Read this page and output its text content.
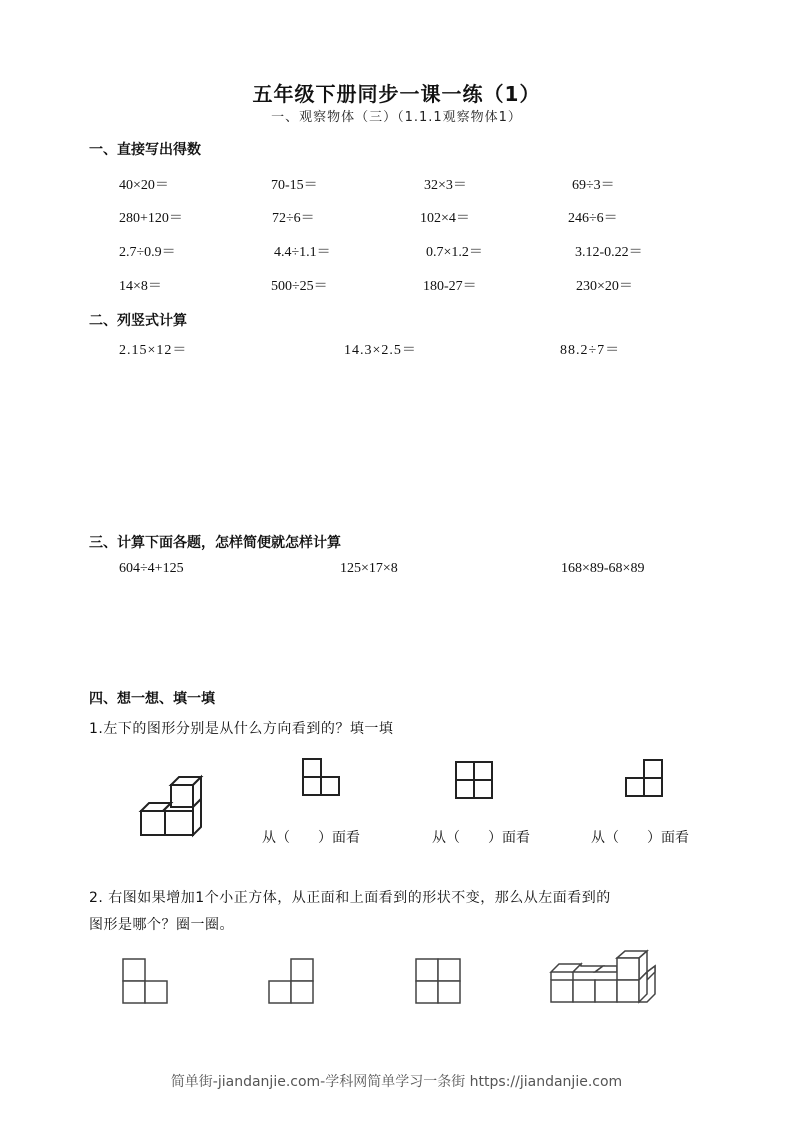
五年级下册同步一课一练（1）
一、观察物体（三）（1.1.1观察物体1）
一、直接写出得数
40×20＝	70-15＝	32×3＝	69÷3＝
280+120＝	72÷6＝	102×4＝	246÷6＝
2.7÷0.9＝	4.4÷1.1＝	0.7×1.2＝	3.12-0.22＝
14×8＝	500÷25＝	180-27＝	230×20＝
二、列竖式计算
2.15×12＝	14.3×2.5＝	88.2÷7＝
三、计算下面各题，怎样简便就怎样计算
604÷4+125	125×17×8	168×89-68×89
四、想一想、填一填
1.左下的图形分别是从什么方向看到的？填一填
从（　　）面看	从（　　）面看	从（　　）面看
2. 右图如果增加1个小正方体，从正面和上面看到的形状不变，那么从左面看到的
图形是哪个？圈一圈。
简单街-jiandanjie.com-学科网简单学习一条街 https://jiandanjie.com
